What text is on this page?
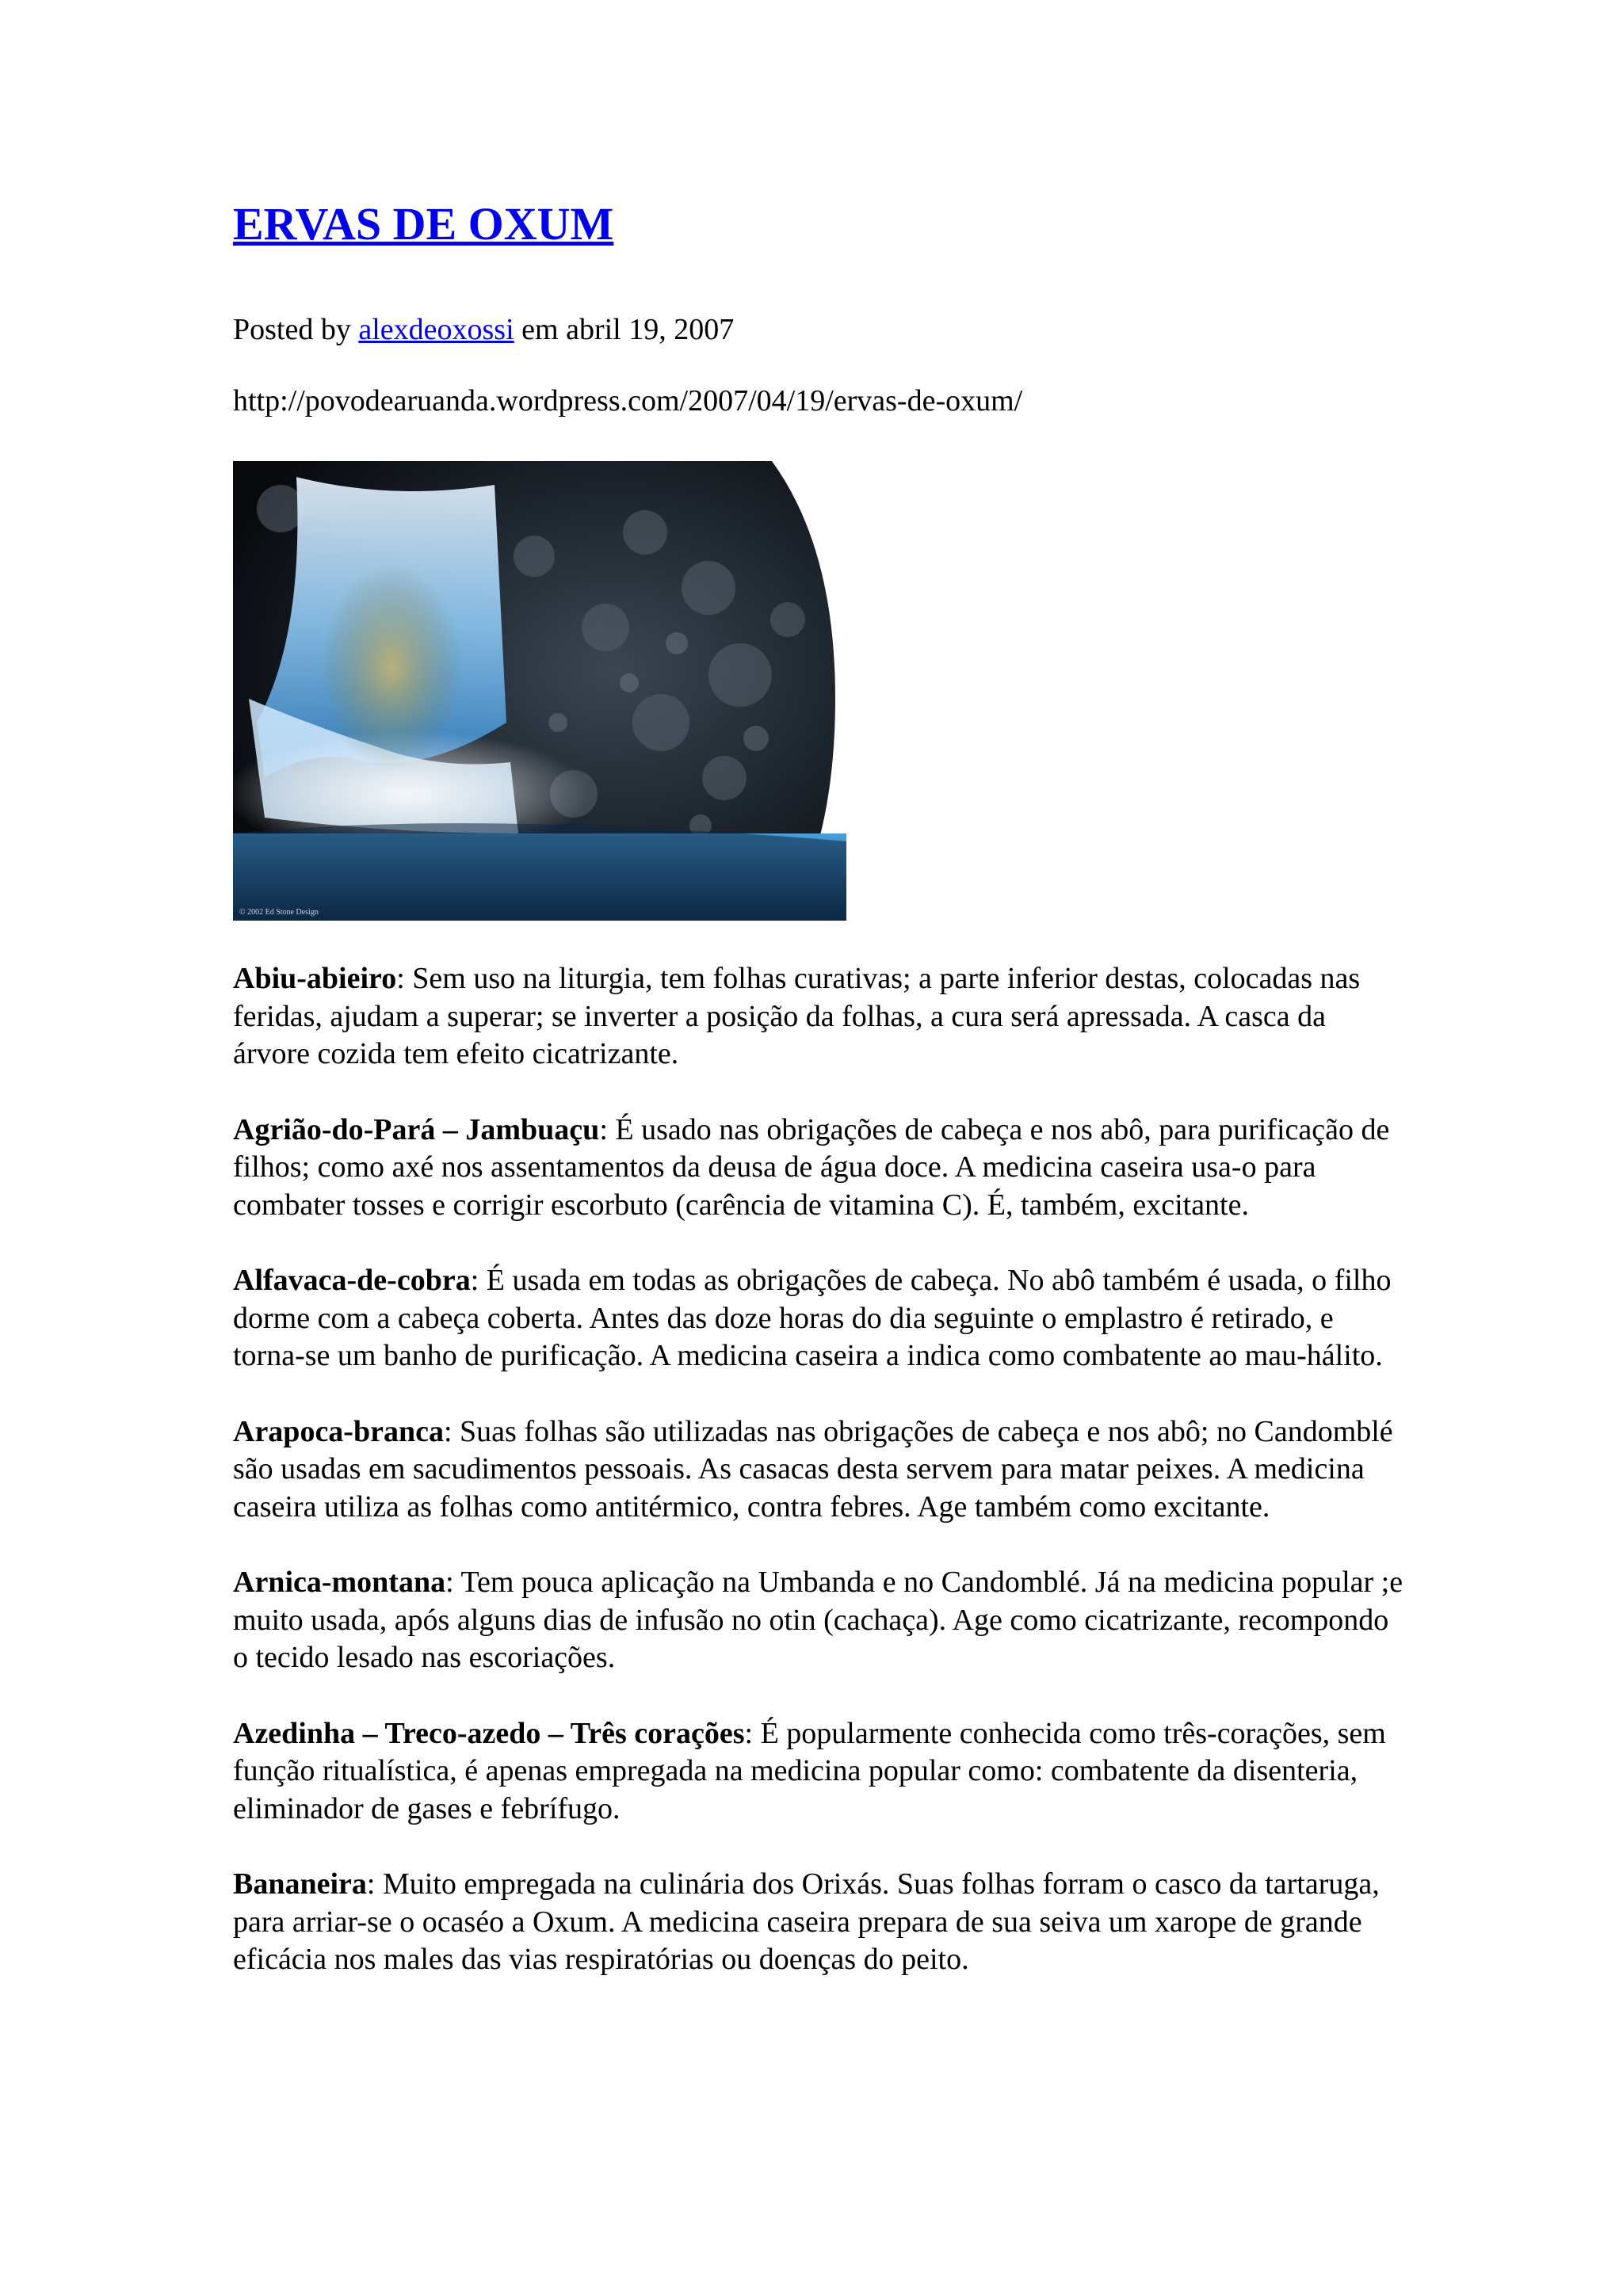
ERVAS DE OXUM

Posted by alexdeoxossi em abril 19, 2007

http://povodearuanda.wordpress.com/2007/04/19/ervas-de-oxum/

© 2002 Ed Stone Design

Abiu-abieiro: Sem uso na liturgia, tem folhas curativas; a parte inferior destas, colocadas nas feridas, ajudam a superar; se inverter a posição da folhas, a cura será apressada. A casca da árvore cozida tem efeito cicatrizante.

Agrião-do-Pará – Jambuaçu: É usado nas obrigações de cabeça e nos abô, para purificação de filhos; como axé nos assentamentos da deusa de água doce. A medicina caseira usa-o para combater tosses e corrigir escorbuto (carência de vitamina C). É, também, excitante.

Alfavaca-de-cobra: É usada em todas as obrigações de cabeça. No abô também é usada, o filho dorme com a cabeça coberta. Antes das doze horas do dia seguinte o emplastro é retirado, e torna-se um banho de purificação. A medicina caseira a indica como combatente ao mau-hálito.

Arapoca-branca: Suas folhas são utilizadas nas obrigações de cabeça e nos abô; no Candomblé são usadas em sacudimentos pessoais. As casacas desta servem para matar peixes. A medicina caseira utiliza as folhas como antitérmico, contra febres. Age também como excitante.

Arnica-montana: Tem pouca aplicação na Umbanda e no Candomblé. Já na medicina popular ;e muito usada, após alguns dias de infusão no otin (cachaça). Age como cicatrizante, recompondo o tecido lesado nas escoriações.

Azedinha – Treco-azedo – Três corações: É popularmente conhecida como três-corações, sem função ritualística, é apenas empregada na medicina popular como: combatente da disenteria, eliminador de gases e febrífugo.

Bananeira: Muito empregada na culinária dos Orixás. Suas folhas forram o casco da tartaruga, para arriar-se o ocaséo a Oxum. A medicina caseira prepara de sua seiva um xarope de grande eficácia nos males das vias respiratórias ou doenças do peito.
